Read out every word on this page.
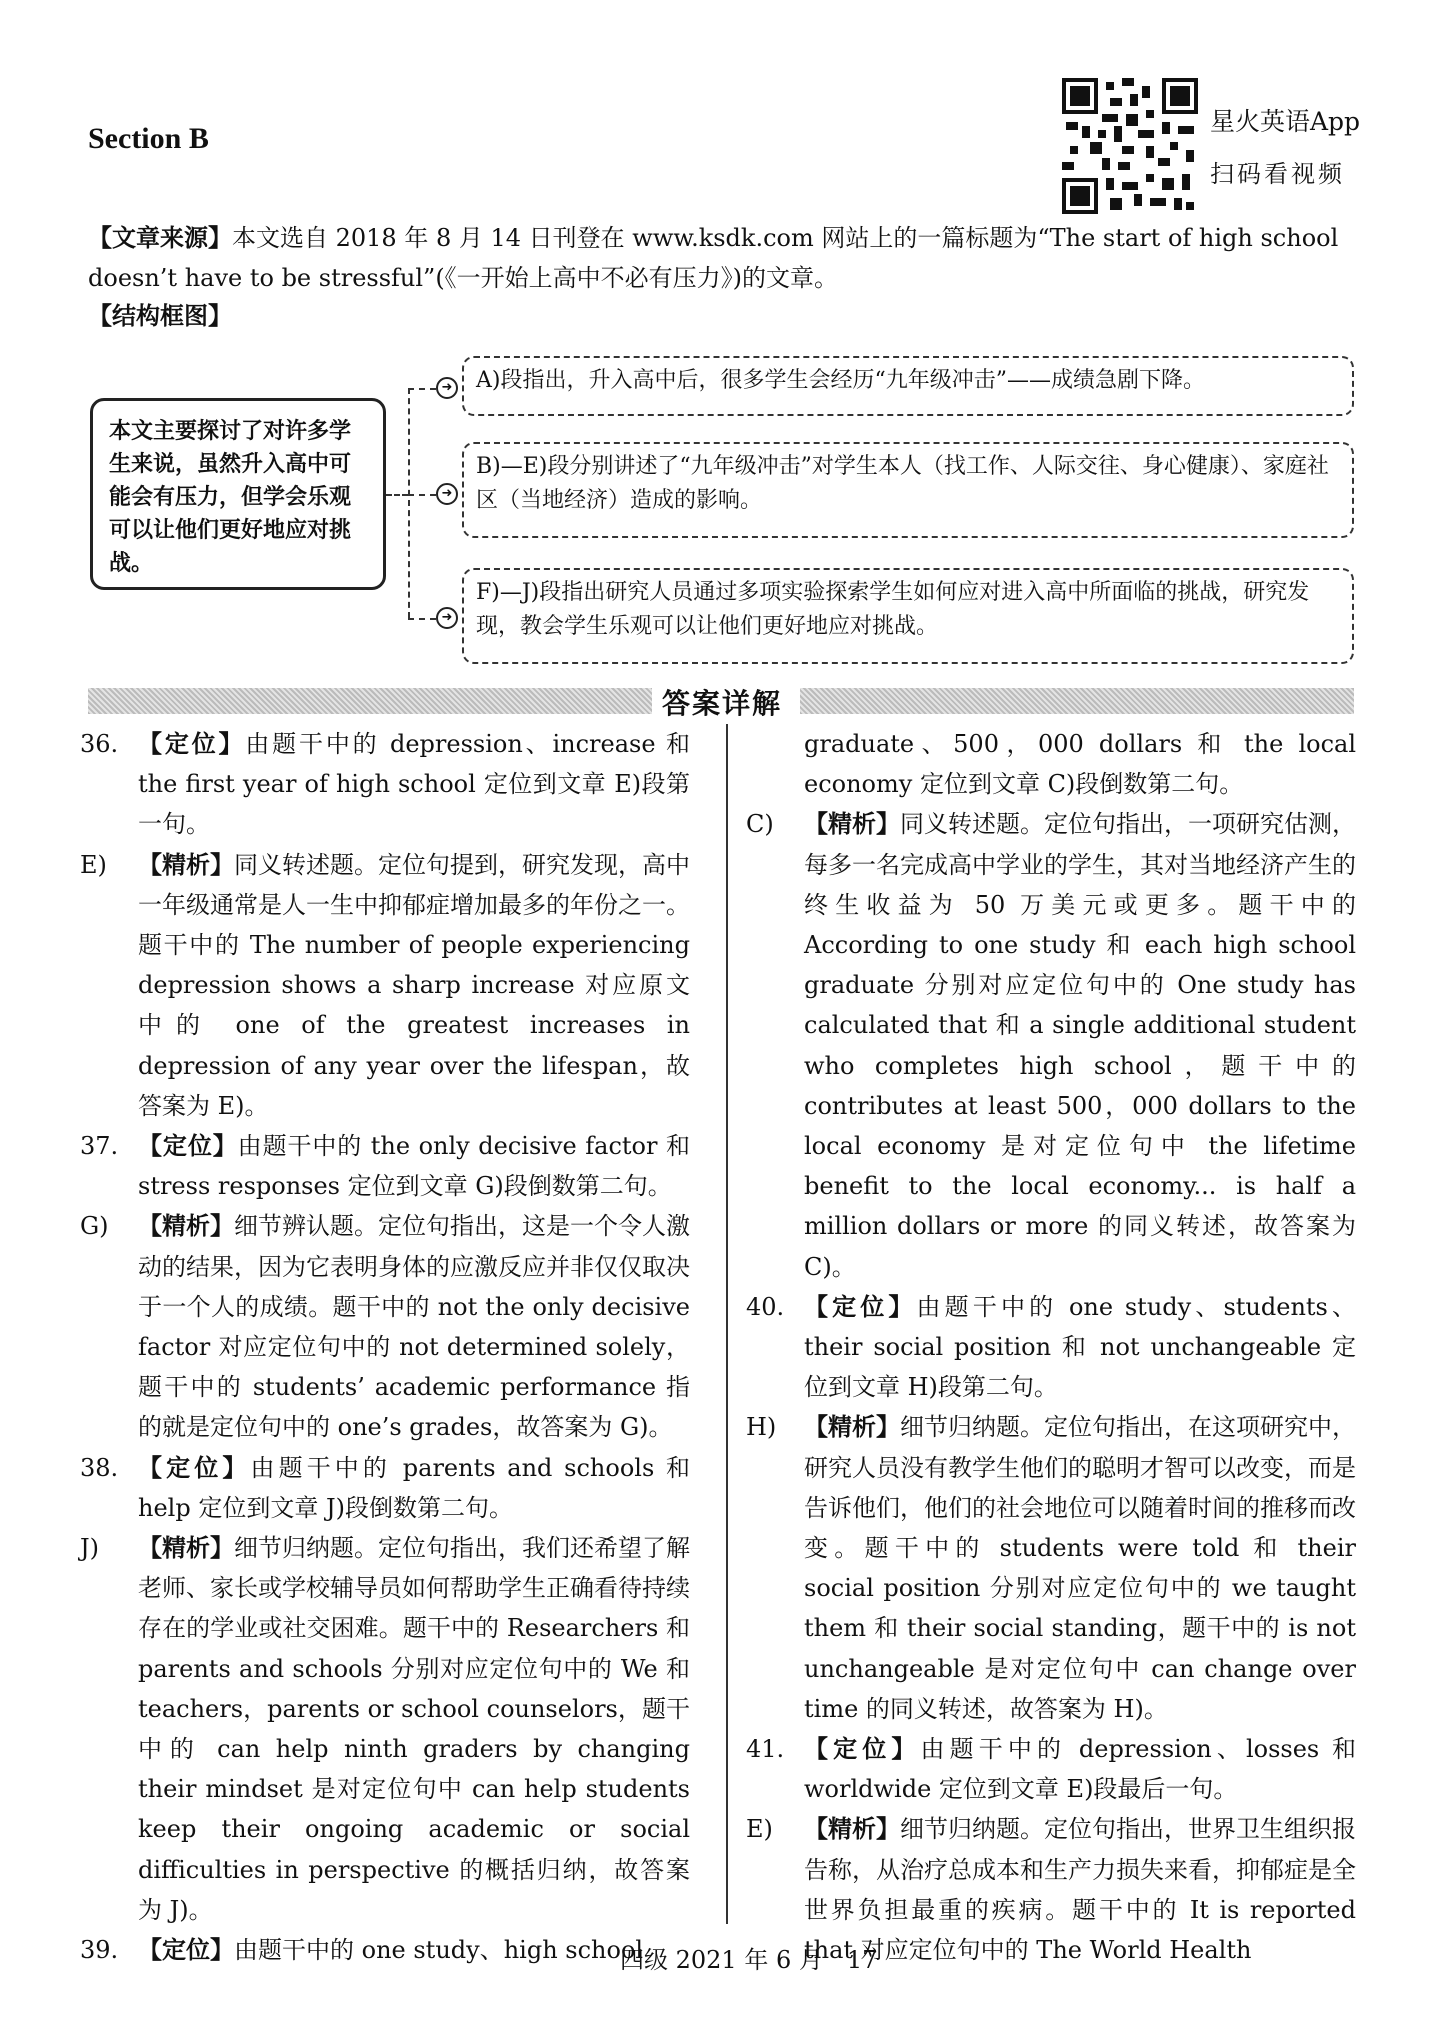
Section B
星火英语App
扫码看视频
【文章来源】本文选自 2018 年 8 月 14 日刊登在 www.ksdk.com 网站上的一篇标题为“The start of high school doesn’t have to be stressful”(《一开始上高中不必有压力》)的文章。
【结构框图】
本文主要探讨了对许多学生来说，虽然升入高中可能会有压力，但学会乐观可以让他们更好地应对挑战。
➜
➜
➜
A)段指出，升入高中后，很多学生会经历“九年级冲击”——成绩急剧下降。
B)—E)段分别讲述了“九年级冲击”对学生本人（找工作、人际交往、身心健康）、家庭社区（当地经济）造成的影响。
F)—J)段指出研究人员通过多项实验探索学生如何应对进入高中所面临的挑战，研究发现，教会学生乐观可以让他们更好地应对挑战。
答案详解
36. 【定位】由题干中的 depression、increase 和 the first year of high school 定位到文章 E)段第一句。
E) 【精析】同义转述题。定位句提到，研究发现，高中一年级通常是人一生中抑郁症增加最多的年份之一。题干中的 The number of people experiencing depression shows a sharp increase 对应原文中的 one of the greatest increases in depression of any year over the lifespan，故答案为 E)。
37. 【定位】由题干中的 the only decisive factor 和 stress responses 定位到文章 G)段倒数第二句。
G) 【精析】细节辨认题。定位句指出，这是一个令人激动的结果，因为它表明身体的应激反应并非仅仅取决于一个人的成绩。题干中的 not the only decisive factor 对应定位句中的 not determined solely，题干中的 students’ academic performance 指的就是定位句中的 one’s grades，故答案为 G)。
38. 【定位】由题干中的 parents and schools 和 help 定位到文章 J)段倒数第二句。
J) 【精析】细节归纳题。定位句指出，我们还希望了解老师、家长或学校辅导员如何帮助学生正确看待持续存在的学业或社交困难。题干中的 Researchers 和 parents and schools 分别对应定位句中的 We 和 teachers，parents or school counselors，题干中的 can help ninth graders by changing their mindset 是对定位句中 can help students keep their ongoing academic or social difficulties in perspective 的概括归纳，故答案为 J)。
39. 【定位】由题干中的 one study、high school
graduate、500，000 dollars 和 the local economy 定位到文章 C)段倒数第二句。
C) 【精析】同义转述题。定位句指出，一项研究估测，每多一名完成高中学业的学生，其对当地经济产生的终生收益为 50 万美元或更多。题干中的 According to one study 和 each high school graduate 分别对应定位句中的 One study has calculated that 和 a single additional student who completes high school，题干中的 contributes at least 500，000 dollars to the local economy 是对定位句中 the lifetime benefit to the local economy... is half a million dollars or more 的同义转述，故答案为 C)。
40. 【定位】由题干中的 one study、students、their social position 和 not unchangeable 定位到文章 H)段第二句。
H) 【精析】细节归纳题。定位句指出，在这项研究中，研究人员没有教学生他们的聪明才智可以改变，而是告诉他们，他们的社会地位可以随着时间的推移而改变。题干中的 students were told 和 their social position 分别对应定位句中的 we taught them 和 their social standing，题干中的 is not unchangeable 是对定位句中 can change over time 的同义转述，故答案为 H)。
41. 【定位】由题干中的 depression、losses 和 worldwide 定位到文章 E)段最后一句。
E) 【精析】细节归纳题。定位句指出，世界卫生组织报告称，从治疗总成本和生产力损失来看，抑郁症是全世界负担最重的疾病。题干中的 It is reported that 对应定位句中的 The World Health
四级 2021 年 6 月　17
